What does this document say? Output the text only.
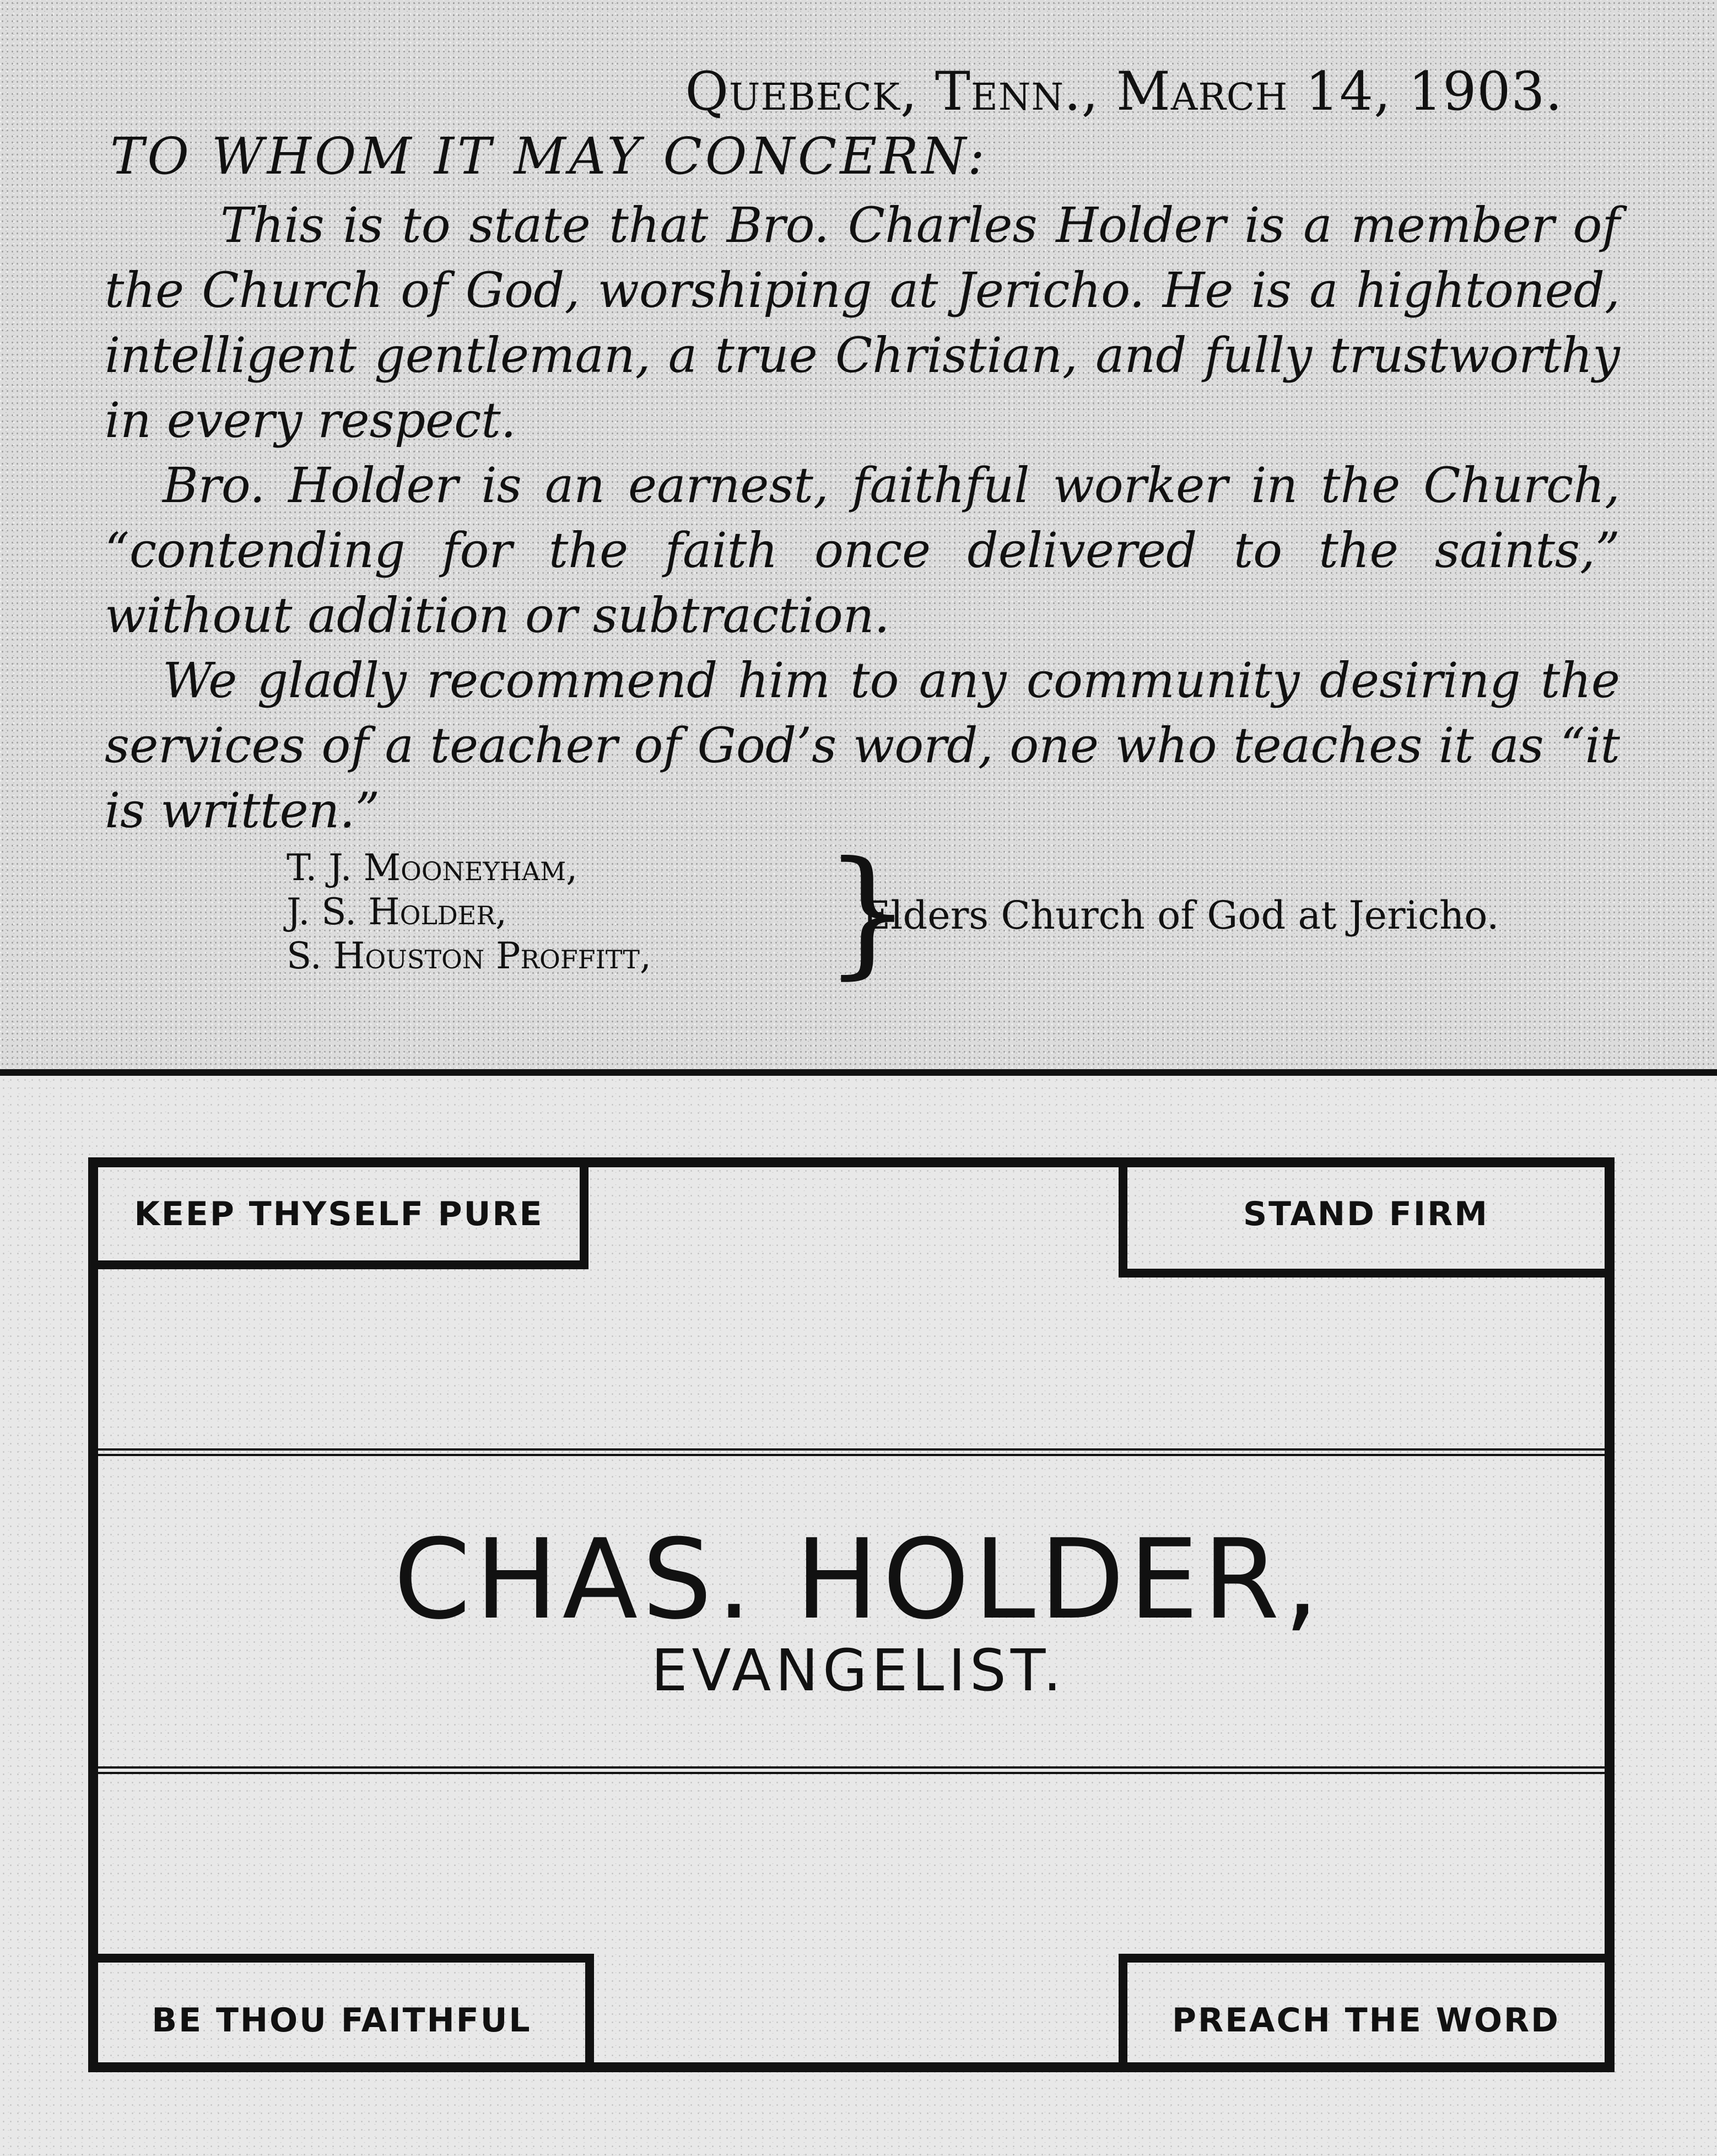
Quebeck, Tenn., March 14, 1903.
TO WHOM IT MAY CONCERN:

This is to state that Bro. Charles Holder is a member of the Church of God, worshiping at Jericho. He is a hightoned, intelligent gentleman, a true Christian, and fully trustworthy in every respect.

Bro. Holder is an earnest, faithful worker in the Church, “contending for the faith once delivered to the saints,” without addition or subtraction.

We gladly recommend him to any community desiring the services of a teacher of God’s word, one who teaches it as “it is written.”

T. J. Mooneyham,
J. S. Holder,
S. Houston Proffitt, }
Elders Church of God at Jericho.
KEEP THYSELF PURE	STAND FIRM
BE THOU FAITHFUL	PREACH THE WORD
CHAS. HOLDER,
EVANGELIST.
